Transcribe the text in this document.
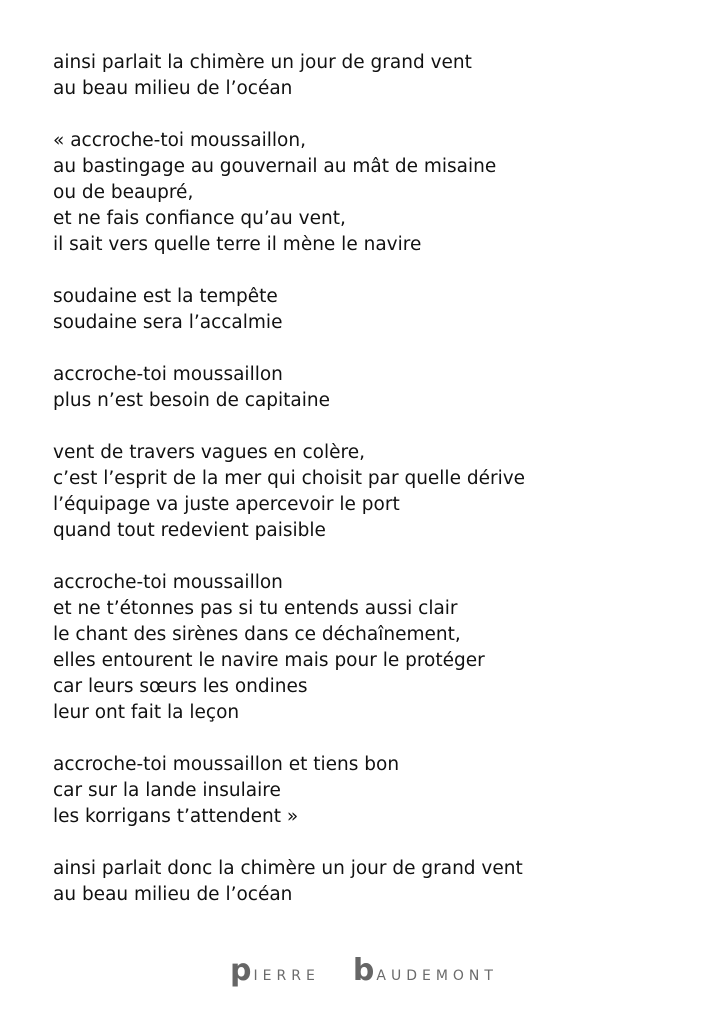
ainsi parlait la chimère un jour de grand vent
au beau milieu de l’océan
« accroche-toi moussaillon,
au bastingage au gouvernail au mât de misaine
ou de beaupré,
et ne fais confiance qu’au vent,
il sait vers quelle terre il mène le navire
soudaine est la tempête
soudaine sera l’accalmie
accroche-toi moussaillon
plus n’est besoin de capitaine
vent de travers vagues en colère,
c’est l’esprit de la mer qui choisit par quelle dérive
l’équipage va juste apercevoir le port
quand tout redevient paisible
accroche-toi moussaillon
et ne t’étonnes pas si tu entends aussi clair
le chant des sirènes dans ce déchaînement,
elles entourent le navire mais pour le protéger
car leurs sœurs les ondines
leur ont fait la leçon
accroche-toi moussaillon et tiens bon
car sur la lande insulaire
les korrigans t’attendent »
ainsi parlait donc la chimère un jour de grand vent
au beau milieu de l’océan
p IERRE b AUDEMONT
